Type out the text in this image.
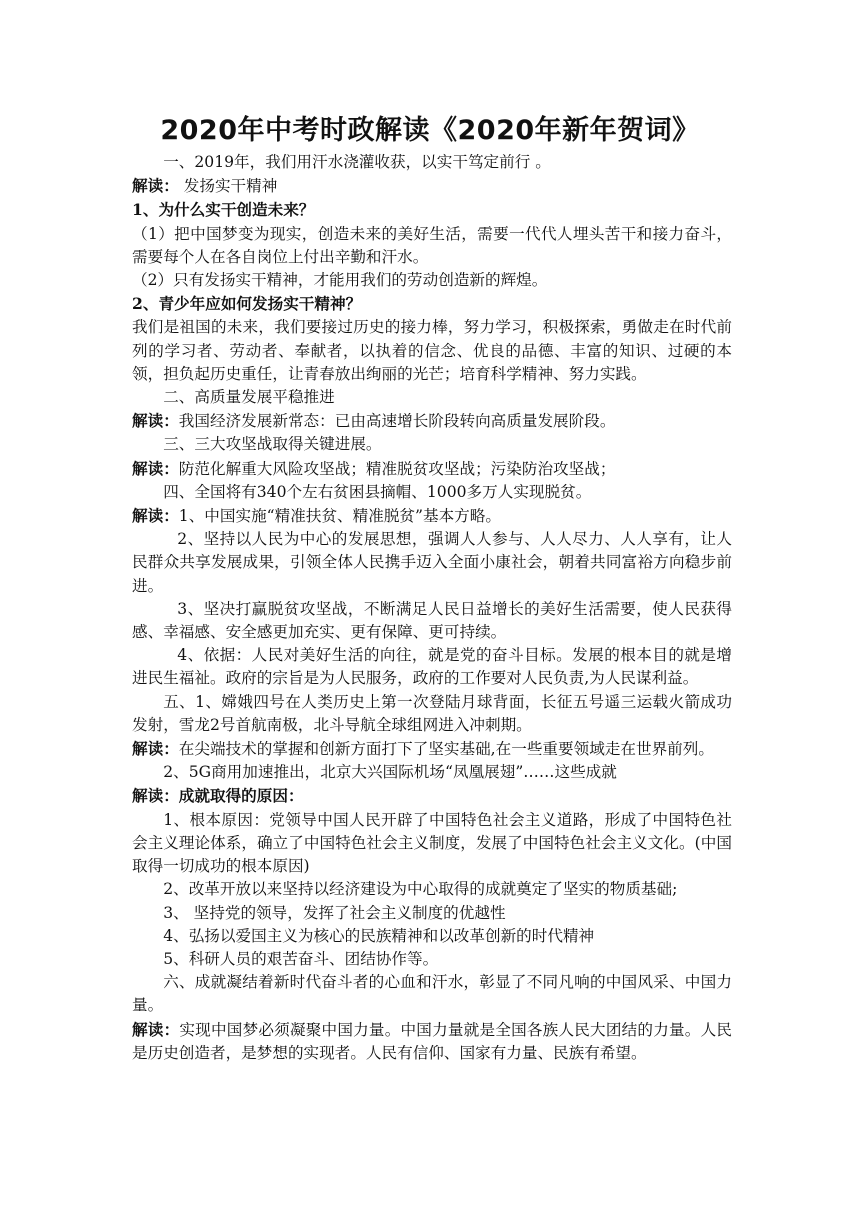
2020年中考时政解读《2020年新年贺词》

一、2019年，我们用汗水浇灌收获，以实干笃定前行 。

解读： 发扬实干精神

1、为什么实干创造未来？

（1）把中国梦变为现实，创造未来的美好生活，需要一代代人埋头苦干和接力奋斗，需要每个人在各自岗位上付出辛勤和汗水。

（2）只有发扬实干精神，才能用我们的劳动创造新的辉煌。

2、青少年应如何发扬实干精神？

我们是祖国的未来，我们要接过历史的接力棒，努力学习，积极探索，勇做走在时代前列的学习者、劳动者、奉献者，以执着的信念、优良的品德、丰富的知识、过硬的本领，担负起历史重任，让青春放出绚丽的光芒；培育科学精神、努力实践。

二、高质量发展平稳推进

解读：我国经济发展新常态：已由高速增长阶段转向高质量发展阶段。

三、三大攻坚战取得关键进展。

解读：防范化解重大风险攻坚战；精准脱贫攻坚战；污染防治攻坚战；

四、全国将有340个左右贫困县摘帽、1000多万人实现脱贫。

解读：1、中国实施“精准扶贫、精准脱贫”基本方略。

2、坚持以人民为中心的发展思想，强调人人参与、人人尽力、人人享有，让人民群众共享发展成果，引领全体人民携手迈入全面小康社会，朝着共同富裕方向稳步前进。

3、坚决打赢脱贫攻坚战，不断满足人民日益增长的美好生活需要，使人民获得感、幸福感、安全感更加充实、更有保障、更可持续。

4、依据：人民对美好生活的向往，就是党的奋斗目标。发展的根本目的就是增进民生福祉。政府的宗旨是为人民服务，政府的工作要对人民负责,为人民谋利益。

五、1、嫦娥四号在人类历史上第一次登陆月球背面，长征五号遥三运载火箭成功发射，雪龙2号首航南极，北斗导航全球组网进入冲刺期。

解读：在尖端技术的掌握和创新方面打下了坚实基础,在一些重要领域走在世界前列。

2、5G商用加速推出，北京大兴国际机场“凤凰展翅”……这些成就

解读：成就取得的原因：

1、根本原因：党领导中国人民开辟了中国特色社会主义道路，形成了中国特色社会主义理论体系，确立了中国特色社会主义制度，发展了中国特色社会主义文化。(中国取得一切成功的根本原因)

2、改革开放以来坚持以经济建设为中心取得的成就奠定了坚实的物质基础;

3、 坚持党的领导，发挥了社会主义制度的优越性

4、弘扬以爱国主义为核心的民族精神和以改革创新的时代精神

5、科研人员的艰苦奋斗、团结协作等。

六、成就凝结着新时代奋斗者的心血和汗水，彰显了不同凡响的中国风采、中国力量。

解读：实现中国梦必须凝聚中国力量。中国力量就是全国各族人民大团结的力量。人民是历史创造者，是梦想的实现者。人民有信仰、国家有力量、民族有希望。
